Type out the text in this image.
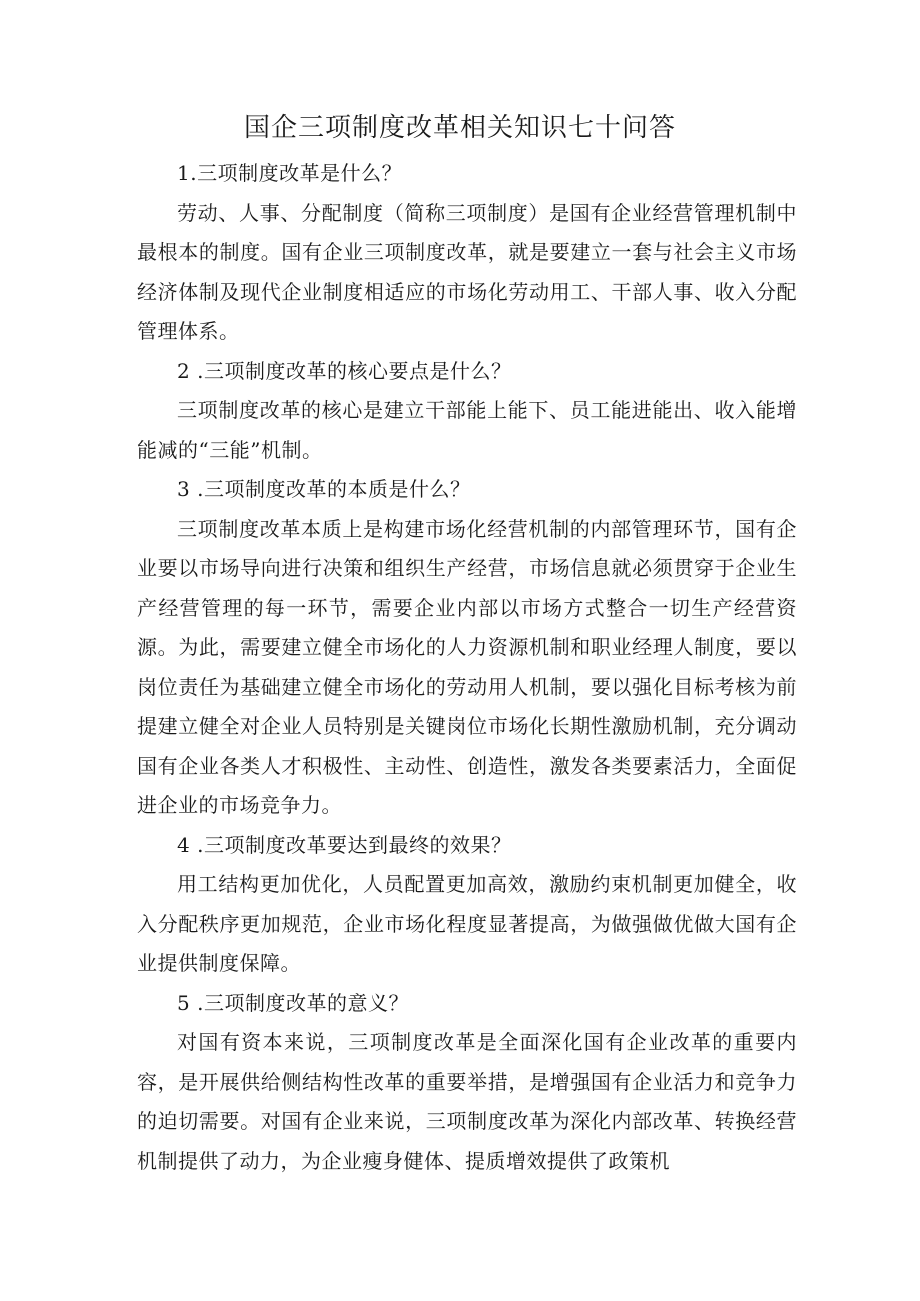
国企三项制度改革相关知识七十问答

1.三项制度改革是什么？

劳动、人事、分配制度（简称三项制度）是国有企业经营管理机制中最根本的制度。国有企业三项制度改革，就是要建立一套与社会主义市场经济体制及现代企业制度相适应的市场化劳动用工、干部人事、收入分配管理体系。

2 .三项制度改革的核心要点是什么？

三项制度改革的核心是建立干部能上能下、员工能进能出、收入能增能减的“三能”机制。

3 .三项制度改革的本质是什么？

三项制度改革本质上是构建市场化经营机制的内部管理环节，国有企业要以市场导向进行决策和组织生产经营，市场信息就必须贯穿于企业生产经营管理的每一环节，需要企业内部以市场方式整合一切生产经营资源。为此，需要建立健全市场化的人力资源机制和职业经理人制度，要以岗位责任为基础建立健全市场化的劳动用人机制，要以强化目标考核为前提建立健全对企业人员特别是关键岗位市场化长期性激励机制，充分调动国有企业各类人才积极性、主动性、创造性，激发各类要素活力，全面促进企业的市场竞争力。

4 .三项制度改革要达到最终的效果？

用工结构更加优化，人员配置更加高效，激励约束机制更加健全，收入分配秩序更加规范，企业市场化程度显著提高，为做强做优做大国有企业提供制度保障。

5 .三项制度改革的意义？

对国有资本来说，三项制度改革是全面深化国有企业改革的重要内容，是开展供给侧结构性改革的重要举措，是增强国有企业活力和竞争力的迫切需要。对国有企业来说，三项制度改革为深化内部改革、转换经营机制提供了动力，为企业瘦身健体、提质增效提供了政策机
